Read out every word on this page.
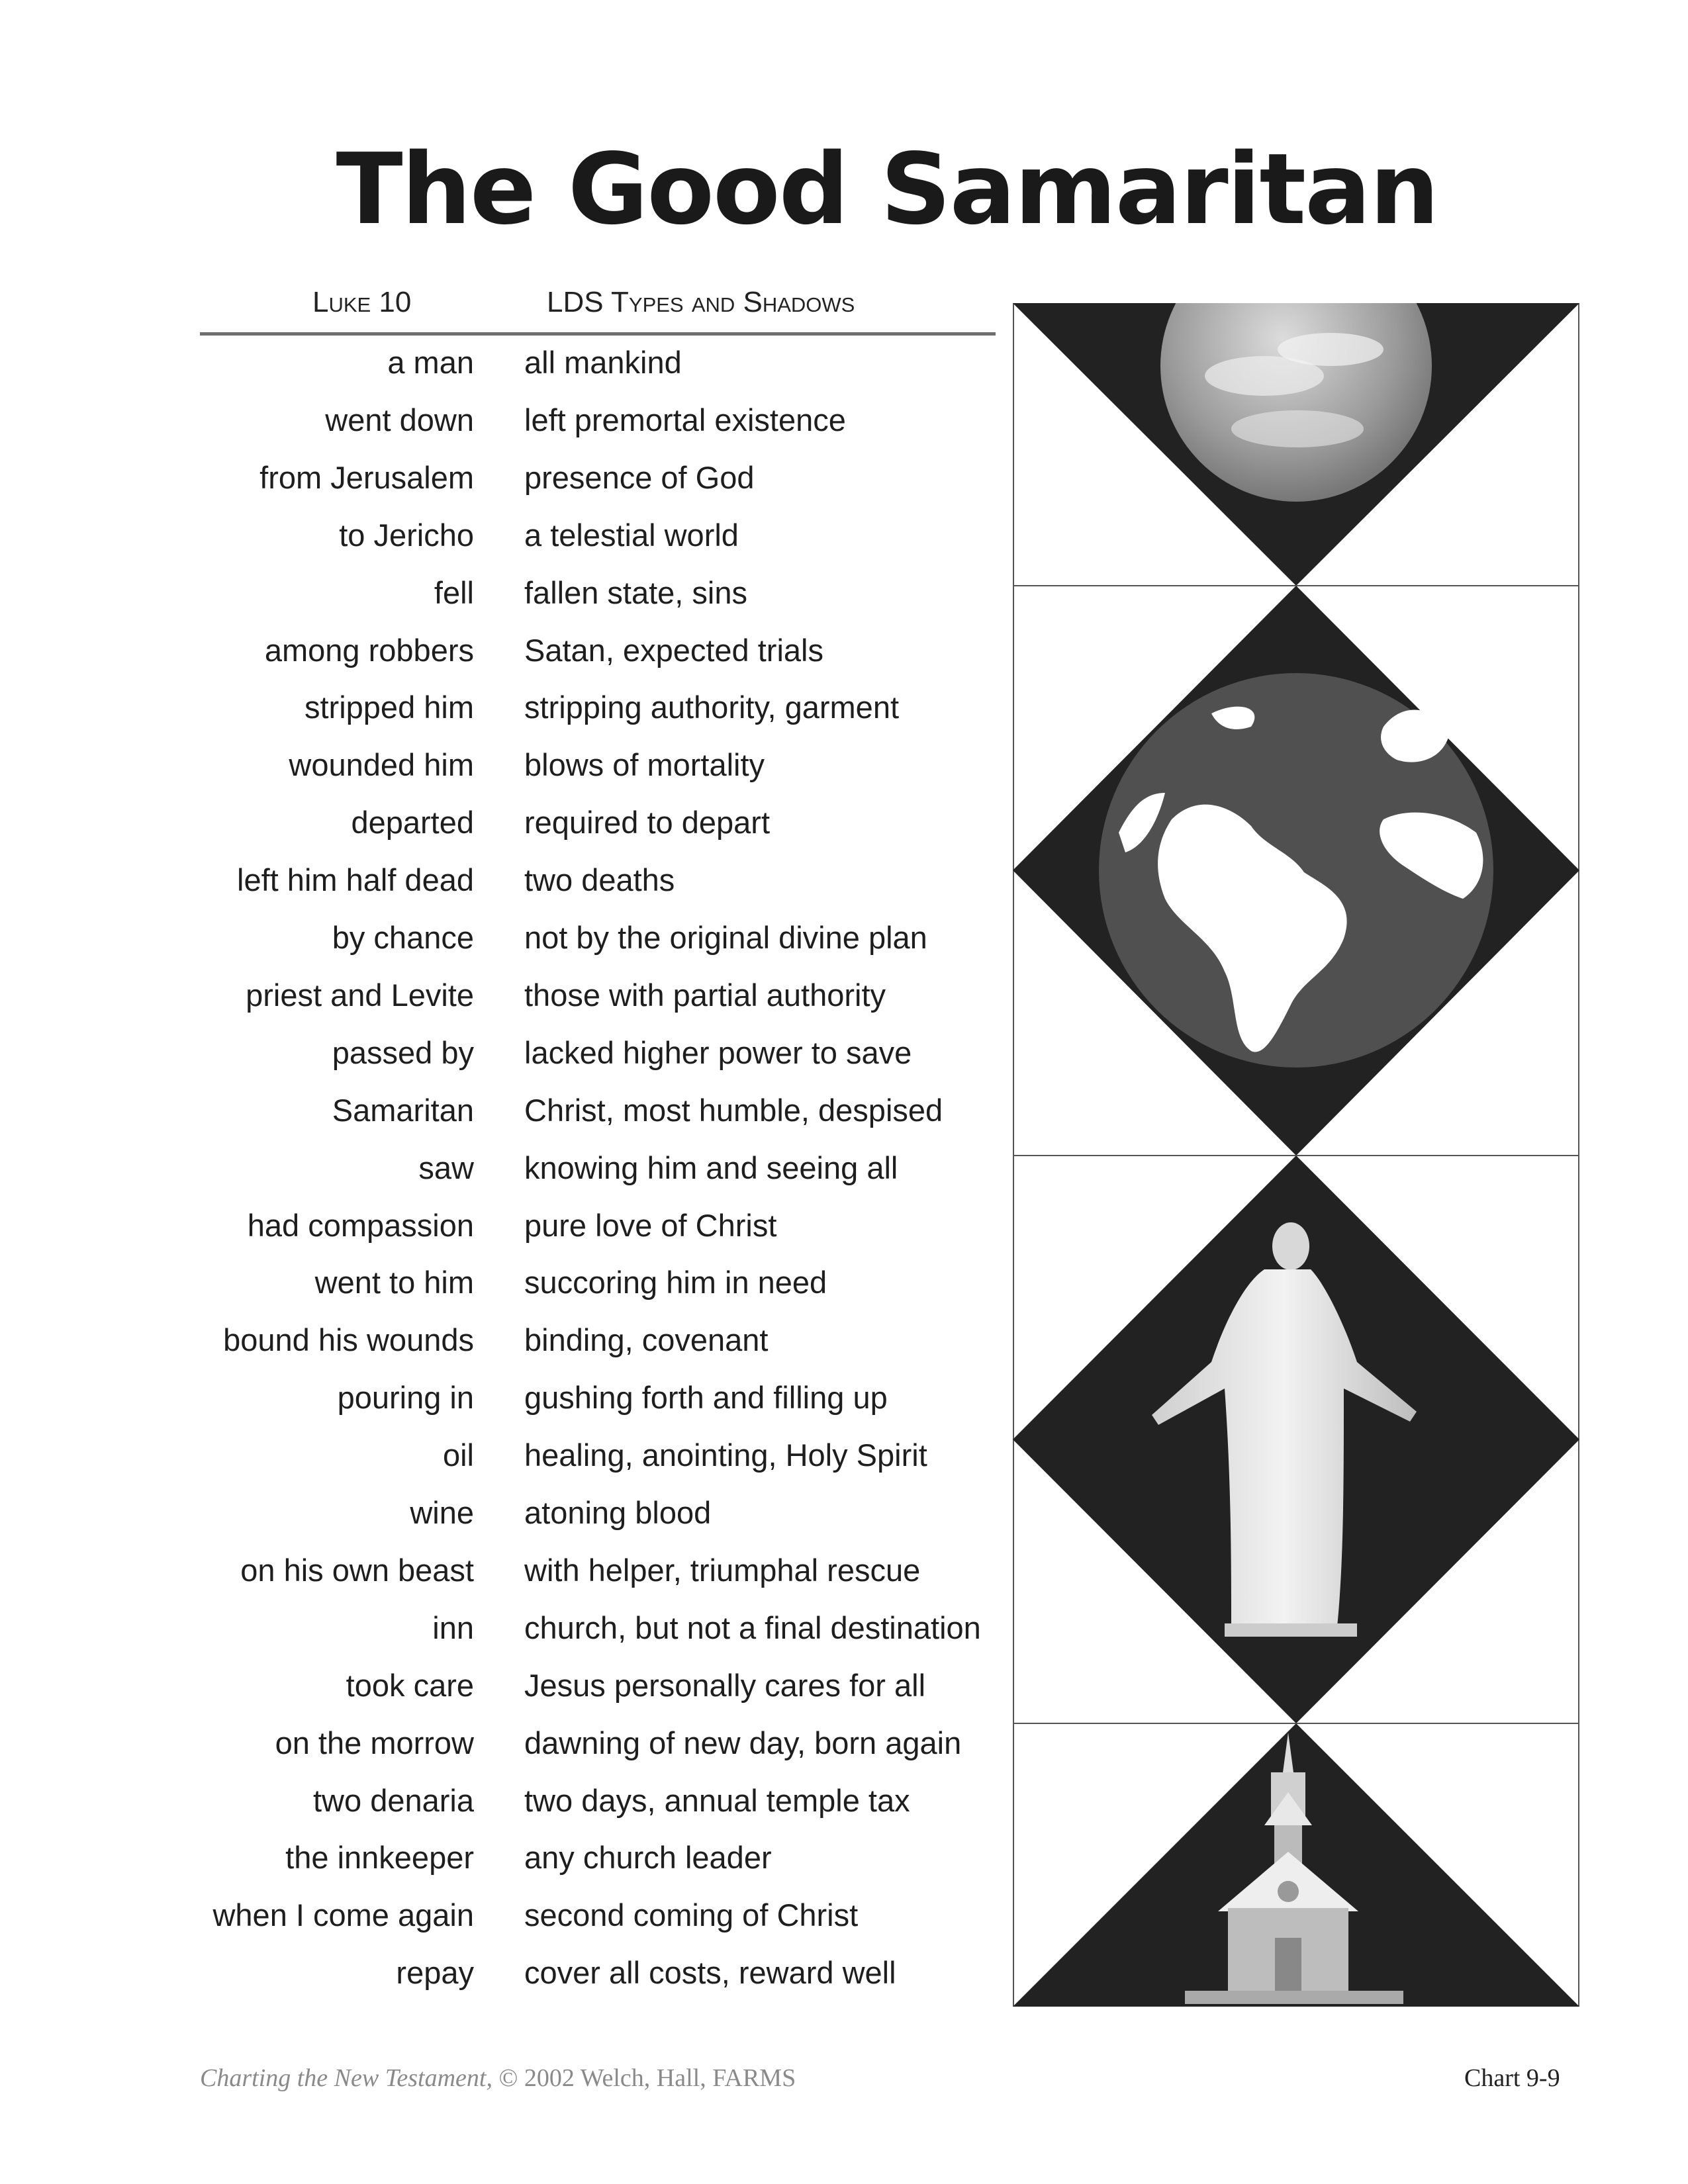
The Good Samaritan
Luke 10	LDS Types and Shadows
a man all mankind
went down left premortal existence
from Jerusalem presence of God
to Jericho a telestial world
fell fallen state, sins
among robbers Satan, expected trials
stripped him stripping authority, garment
wounded him blows of mortality
departed required to depart
left him half dead two deaths
by chance not by the original divine plan
priest and Levite those with partial authority
passed by lacked higher power to save
Samaritan Christ, most humble, despised
saw knowing him and seeing all
had compassion pure love of Christ
went to him succoring him in need
bound his wounds binding, covenant
pouring in gushing forth and filling up
oil healing, anointing, Holy Spirit
wine atoning blood
on his own beast with helper, triumphal rescue
inn church, but not a final destination
took care Jesus personally cares for all
on the morrow dawning of new day, born again
two denaria two days, annual temple tax
the innkeeper any church leader
when I come again second coming of Christ
repay cover all costs, reward well
Charting the New Testament, © 2002 Welch, Hall, FARMS	Chart 9-9
